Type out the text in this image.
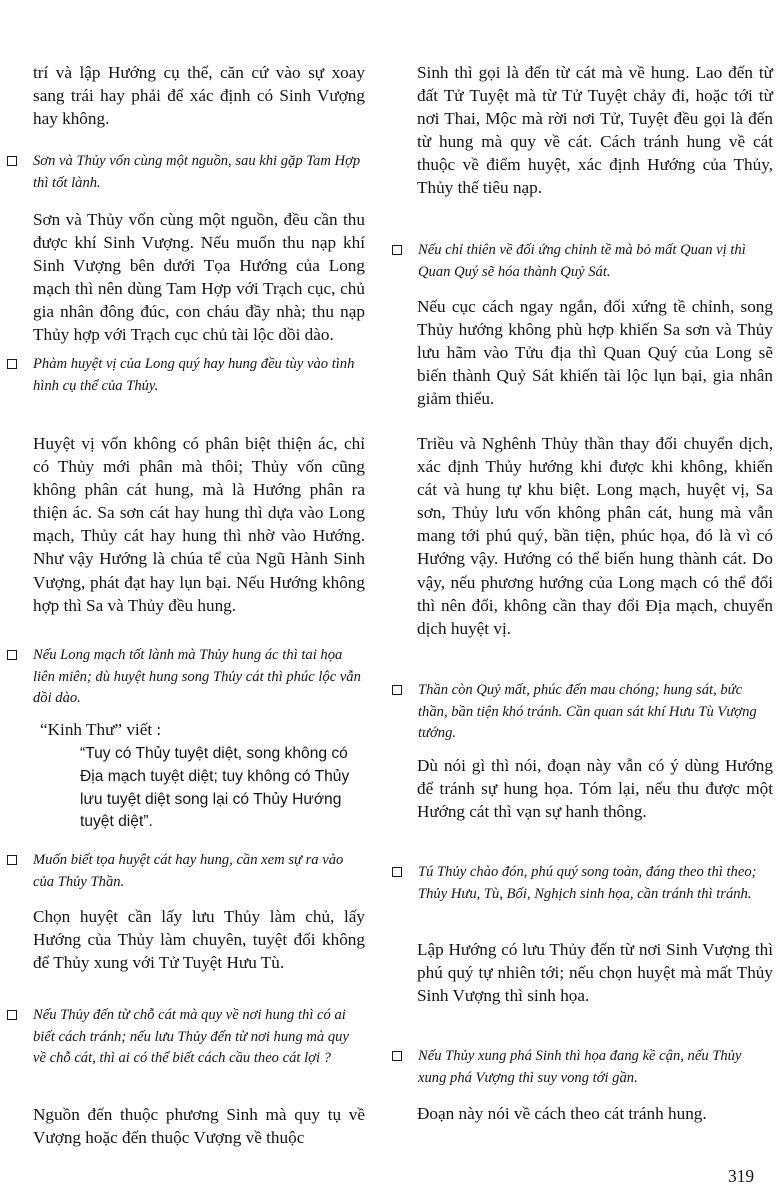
trí và lập Hướng cụ thể, căn cứ vào sự xoay sang trái hay phải để xác định có Sinh Vượng hay không.

Sơn và Thủy vốn cùng một nguồn, sau khi gặp Tam Hợp thì tốt lành.

Sơn và Thủy vốn cùng một nguồn, đều cần thu được khí Sinh Vượng. Nếu muốn thu nạp khí Sinh Vượng bên dưới Tọa Hướng của Long mạch thì nên dùng Tam Hợp với Trạch cục, chủ gia nhân đông đúc, con cháu đầy nhà; thu nạp Thủy hợp với Trạch cục chủ tài lộc dồi dào.

Phàm huyệt vị của Long quý hay hung đều tùy vào tình hình cụ thể của Thủy.

Huyệt vị vốn không có phân biệt thiện ác, chỉ có Thủy mới phân mà thôi; Thủy vốn cũng không phân cát hung, mà là Hướng phân ra thiện ác. Sa sơn cát hay hung thì dựa vào Long mạch, Thủy cát hay hung thì nhờ vào Hướng. Như vậy Hướng là chúa tể của Ngũ Hành Sinh Vượng, phát đạt hay lụn bại. Nếu Hướng không hợp thì Sa và Thủy đều hung.

Nếu Long mạch tốt lành mà Thủy hung ác thì tai họa liên miên; dù huyệt hung song Thủy cát thì phúc lộc vẫn dồi dào.

“Kinh Thư” viết :

“Tuy có Thủy tuyệt diệt, song không có Địa mạch tuyệt diệt; tuy không có Thủy lưu tuyệt diệt song lại có Thủy Hướng tuyệt diệt”.

Muốn biết tọa huyệt cát hay hung, cần xem sự ra vào của Thủy Thần.

Chọn huyệt cần lấy lưu Thủy làm chủ, lấy Hướng của Thủy làm chuyên, tuyệt đối không để Thủy xung với Tử Tuyệt Hưu Tù.

Nếu Thủy đến từ chỗ cát mà quy về nơi hung thì có ai biết cách tránh; nếu lưu Thủy đến từ nơi hung mà quy về chỗ cát, thì ai có thể biết cách cầu theo cát lợi ?

Nguồn đến thuộc phương Sinh mà quy tụ về Vượng hoặc đến thuộc Vượng về thuộc

Sinh thì gọi là đến từ cát mà về hung. Lao đến từ đất Tử Tuyệt mà từ Tử Tuyệt chảy đi, hoặc tới từ nơi Thai, Mộc mà rời nơi Tử, Tuyệt đều gọi là đến từ hung mà quy về cát. Cách tránh hung về cát thuộc về điểm huyệt, xác định Hướng của Thủy, Thủy thế tiêu nạp.

Nếu chỉ thiên về đối ứng chỉnh tề mà bỏ mất Quan vị thì Quan Quý sẽ hóa thành Quỷ Sát.

Nếu cục cách ngay ngắn, đối xứng tề chỉnh, song Thủy hướng không phù hợp khiến Sa sơn và Thủy lưu hãm vào Tửu địa thì Quan Quý của Long sẽ biến thành Quỷ Sát khiến tài lộc lụn bại, gia nhân giảm thiểu.

Triều và Nghênh Thủy thần thay đổi chuyển dịch, xác định Thủy hướng khi được khi không, khiến cát và hung tự khu biệt. Long mạch, huyệt vị, Sa sơn, Thủy lưu vốn không phân cát, hung mà vẫn mang tới phú quý, bần tiện, phúc họa, đó là vì có Hướng vậy. Hướng có thể biến hung thành cát. Do vậy, nếu phương hướng của Long mạch có thể đổi thì nên đổi, không cần thay đổi Địa mạch, chuyển dịch huyệt vị.

Thần còn Quỷ mất, phúc đến mau chóng; hung sát, bức thần, bần tiện khó tránh. Cần quan sát khí Hưu Tù Vượng tướng.

Dù nói gì thì nói, đoạn này vẫn có ý dùng Hướng để tránh sự hung họa. Tóm lại, nếu thu được một Hướng cát thì vạn sự hanh thông.

Tú Thủy chào đón, phú quý song toàn, đáng theo thì theo; Thủy Hưu, Tù, Bối, Nghịch sinh họa, cần tránh thì tránh.

Lập Hướng có lưu Thủy đến từ nơi Sinh Vượng thì phú quý tự nhiên tới; nếu chọn huyệt mà mất Thủy Sinh Vượng thì sinh họa.

Nếu Thủy xung phá Sinh thì họa đang kề cận, nếu Thủy xung phá Vượng thì suy vong tới gần.

Đoạn này nói về cách theo cát tránh hung.

319
